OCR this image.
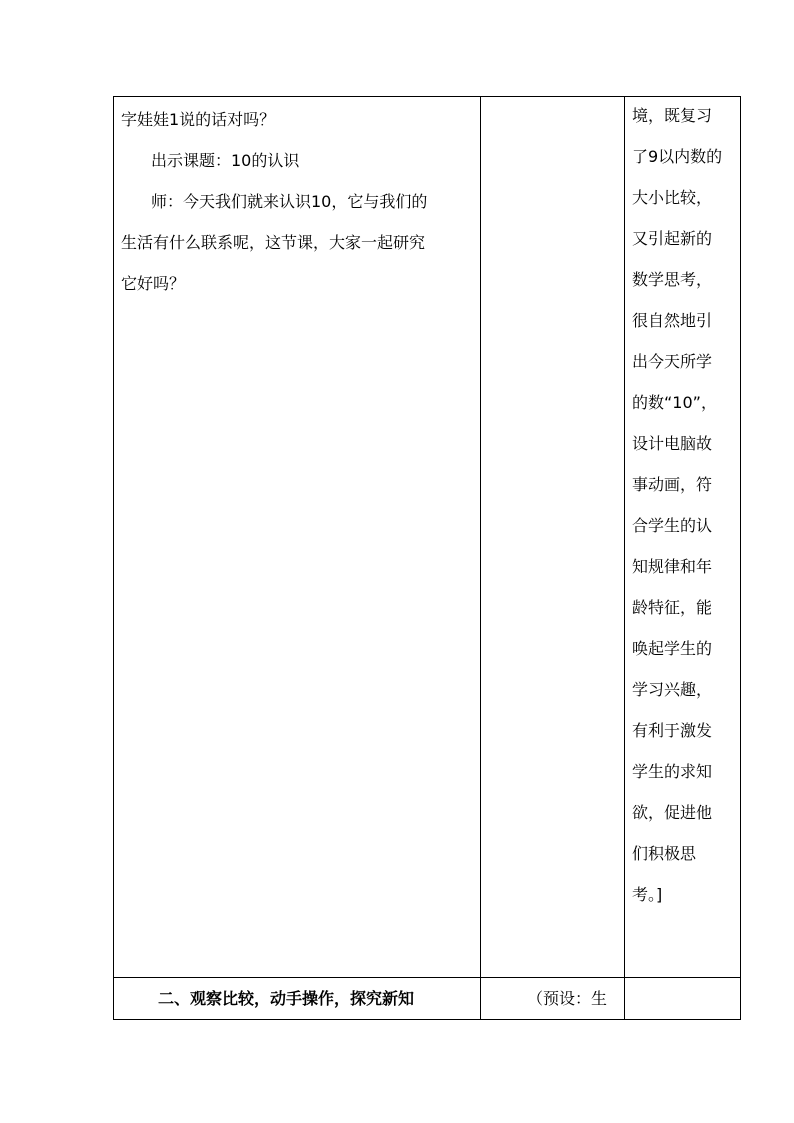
字娃娃1说的话对吗？

出示课题：10的认识

师：今天我们就来认识10，它与我们的

生活有什么联系呢，这节课，大家一起研究

它好吗？

境，既复习

了9以内数的

大小比较，

又引起新的

数学思考，

很自然地引

出今天所学

的数“10”，

设计电脑故

事动画，符

合学生的认

知规律和年

龄特征，能

唤起学生的

学习兴趣，

有利于激发

学生的求知

欲，促进他

们积极思

考。]

二、观察比较，动手操作，探究新知	（预设：生
